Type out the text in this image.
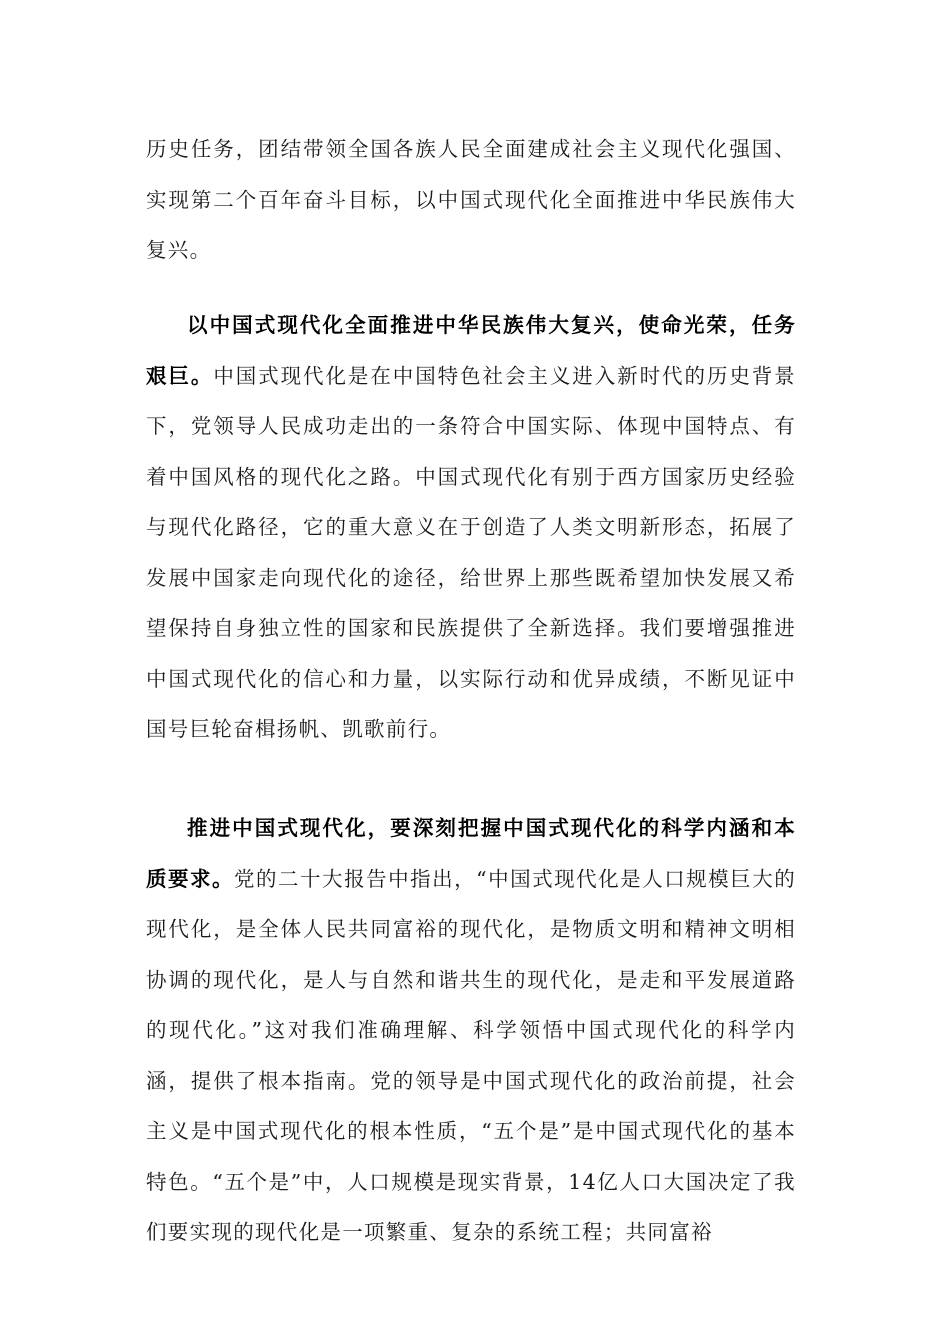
历史任务，团结带领全国各族人民全面建成社会主义现代化强国、实现第二个百年奋斗目标，以中国式现代化全面推进中华民族伟大复兴。

以中国式现代化全面推进中华民族伟大复兴，使命光荣，任务艰巨。中国式现代化是在中国特色社会主义进入新时代的历史背景下，党领导人民成功走出的一条符合中国实际、体现中国特点、有着中国风格的现代化之路。中国式现代化有别于西方国家历史经验与现代化路径，它的重大意义在于创造了人类文明新形态，拓展了发展中国家走向现代化的途径，给世界上那些既希望加快发展又希望保持自身独立性的国家和民族提供了全新选择。我们要增强推进中国式现代化的信心和力量，以实际行动和优异成绩，不断见证中国号巨轮奋楫扬帆、凯歌前行。

推进中国式现代化，要深刻把握中国式现代化的科学内涵和本质要求。党的二十大报告中指出，“中国式现代化是人口规模巨大的现代化，是全体人民共同富裕的现代化，是物质文明和精神文明相协调的现代化，是人与自然和谐共生的现代化，是走和平发展道路的现代化。”这对我们准确理解、科学领悟中国式现代化的科学内涵，提供了根本指南。党的领导是中国式现代化的政治前提，社会主义是中国式现代化的根本性质，“五个是”是中国式现代化的基本特色。“五个是”中，人口规模是现实背景，14亿人口大国决定了我们要实现的现代化是一项繁重、复杂的系统工程；共同富裕
